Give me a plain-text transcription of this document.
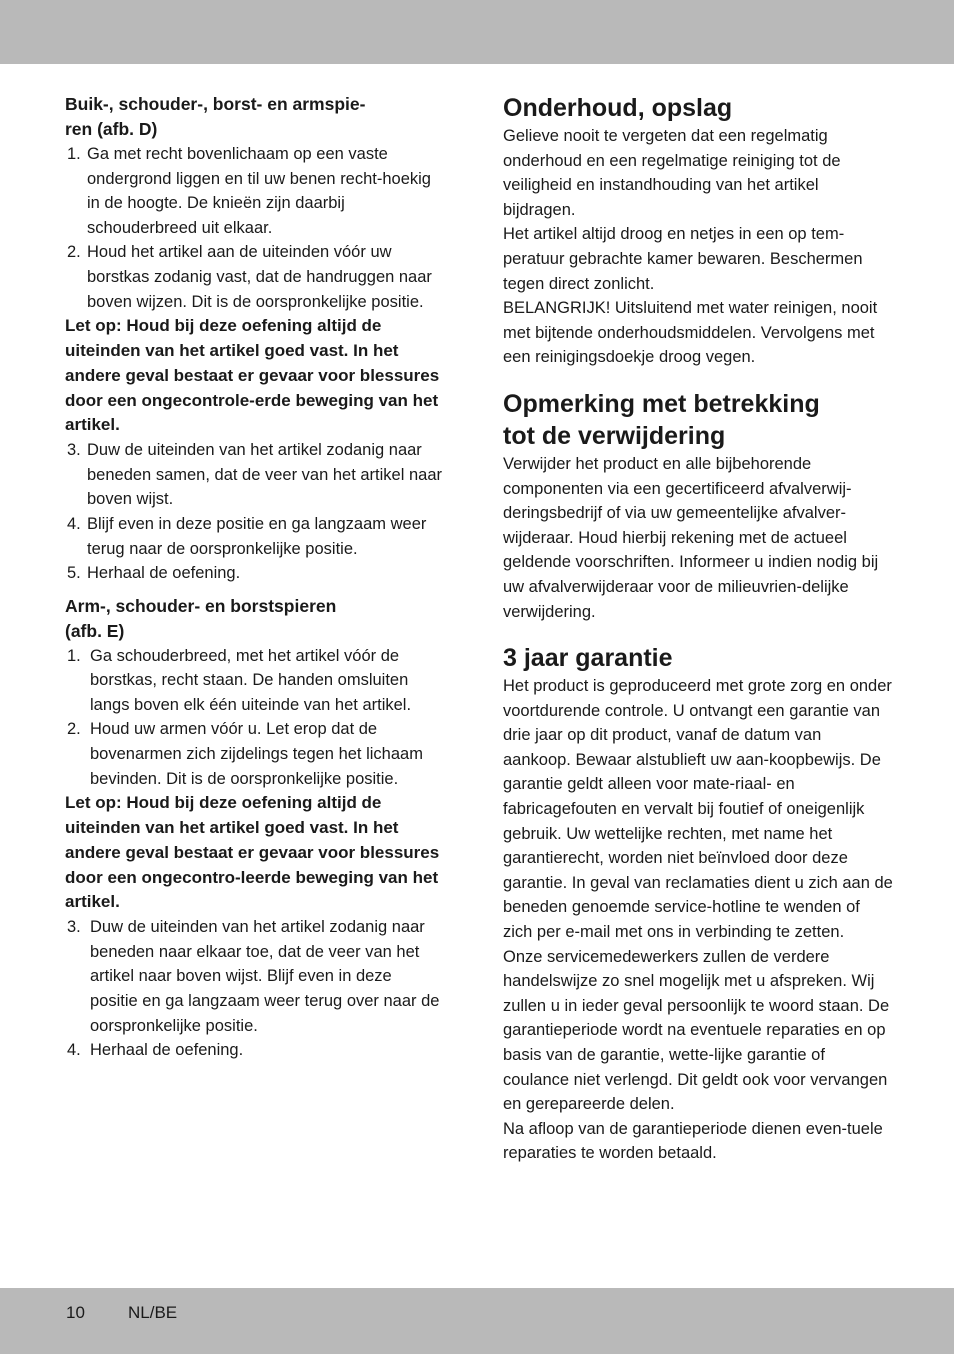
Buik-, schouder-, borst- en armspie-
ren (afb. D)

1. Ga met recht bovenlichaam op een vaste ondergrond liggen en til uw benen recht-hoekig in de hoogte. De knieën zijn daarbij schouderbreed uit elkaar.
2. Houd het artikel aan de uiteinden vóór uw borstkas zodanig vast, dat de handruggen naar boven wijzen. Dit is de oorspronkelijke positie.

Let op: Houd bij deze oefening altijd de uiteinden van het artikel goed vast. In het andere geval bestaat er gevaar voor blessures door een ongecontrole-erde beweging van het artikel.

3. Duw de uiteinden van het artikel zodanig naar beneden samen, dat de veer van het artikel naar boven wijst.
4. Blijf even in deze positie en ga langzaam weer terug naar de oorspronkelijke positie.
5. Herhaal de oefening.

Arm-, schouder- en borstspieren
(afb. E)

1. Ga schouderbreed, met het artikel vóór de borstkas, recht staan. De handen omsluiten langs boven elk één uiteinde van het artikel.
2. Houd uw armen vóór u. Let erop dat de bovenarmen zich zijdelings tegen het lichaam bevinden. Dit is de oorspronkelijke positie.

Let op: Houd bij deze oefening altijd de uiteinden van het artikel goed vast. In het andere geval bestaat er gevaar voor blessures door een ongecontro-leerde beweging van het artikel.

3. Duw de uiteinden van het artikel zodanig naar beneden naar elkaar toe, dat de veer van het artikel naar boven wijst. Blijf even in deze positie en ga langzaam weer terug over naar de oorspronkelijke positie.
4. Herhaal de oefening.
Onderhoud, opslag

Gelieve nooit te vergeten dat een regelmatig onderhoud en een regelmatige reiniging tot de veiligheid en instandhouding van het artikel bijdragen.

Het artikel altijd droog en netjes in een op tem-peratuur gebrachte kamer bewaren. Beschermen tegen direct zonlicht.

BELANGRIJK! Uitsluitend met water reinigen, nooit met bijtende onderhoudsmiddelen. Vervolgens met een reinigingsdoekje droog vegen.

Opmerking met betrekking
tot de verwijdering

Verwijder het product en alle bijbehorende componenten via een gecertificeerd afvalverwij-deringsbedrijf of via uw gemeentelijke afvalver-wijderaar. Houd hierbij rekening met de actueel geldende voorschriften. Informeer u indien nodig bij uw afvalverwijderaar voor de milieuvrien-delijke verwijdering.

3 jaar garantie

Het product is geproduceerd met grote zorg en onder voortdurende controle. U ontvangt een garantie van drie jaar op dit product, vanaf de datum van aankoop. Bewaar alstublieft uw aan-koopbewijs. De garantie geldt alleen voor mate-riaal- en fabricagefouten en vervalt bij foutief of oneigenlijk gebruik. Uw wettelijke rechten, met name het garantierecht, worden niet beïnvloed door deze garantie. In geval van reclamaties dient u zich aan de beneden genoemde service-hotline te wenden of zich per e-mail met ons in verbinding te zetten.

Onze servicemedewerkers zullen de verdere handelswijze zo snel mogelijk met u afspreken. Wij zullen u in ieder geval persoonlijk te woord staan. De garantieperiode wordt na eventuele reparaties en op basis van de garantie, wette-lijke garantie of coulance niet verlengd. Dit geldt ook voor vervangen en gerepareerde delen.

Na afloop van de garantieperiode dienen even-tuele reparaties te worden betaald.

10	NL/BE
